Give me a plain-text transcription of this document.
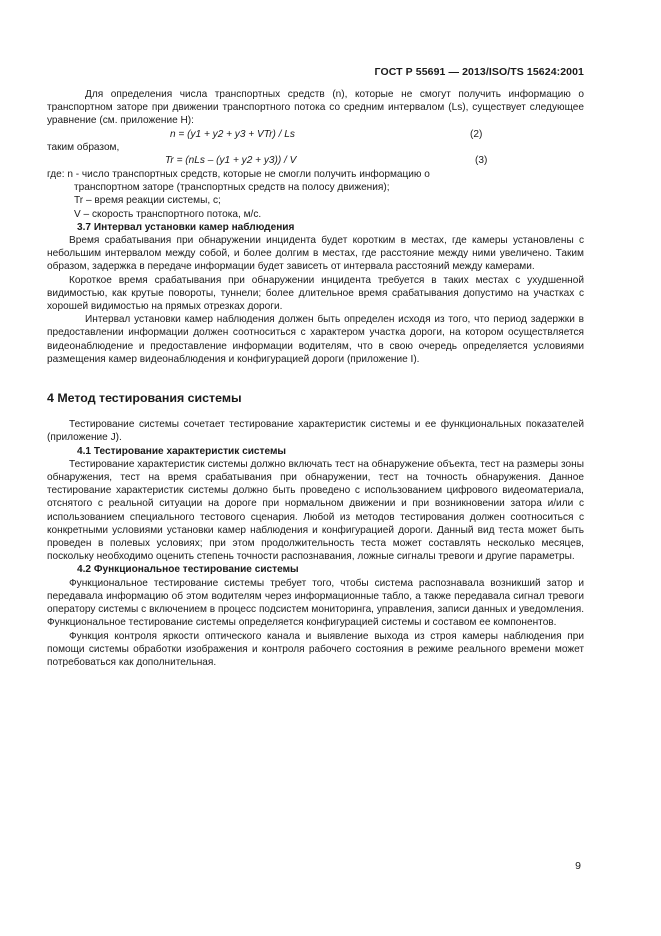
ГОСТ Р 55691 — 2013/ISO/TS 15624:2001

Для определения числа транспортных средств (n), которые не смогут получить информацию о транспортном заторе при движении транспортного потока со средним интервалом (Ls), существует следующее уравнение (см. приложение Н):

n = (y1 + y2 + y3 + VTr) / Ls	(2)

таким образом,

Tr = (nLs – (y1 + y2 + y3)) / V	(3)

где: n - число транспортных средств, которые не смогли получить информацию о

транспортном заторе (транспортных средств на полосу движения);

Tr – время реакции системы, с;

V – скорость транспортного потока, м/с.

3.7 Интервал установки камер наблюдения

Время срабатывания при обнаружении инцидента будет коротким в местах, где камеры установлены с небольшим интервалом между собой, и более долгим в местах, где расстояние между ними увеличено. Таким образом, задержка в передаче информации будет зависеть от интервала расстояний между камерами.

Короткое время срабатывания при обнаружении инцидента требуется в таких местах с ухудшенной видимостью, как крутые повороты, туннели; более длительное время срабатывания допустимо на участках с хорошей видимостью на прямых отрезках дороги.

Интервал установки камер наблюдения должен быть определен исходя из того, что период задержки в предоставлении информации должен соотноситься с характером участка дороги, на котором осуществляется видеонаблюдение и предоставление информации водителям, что в свою очередь определяется условиями размещения камер видеонаблюдения и конфигурацией дороги (приложение I).

4 Метод тестирования системы

Тестирование системы сочетает тестирование характеристик системы и ее функциональных показателей (приложение J).

4.1 Тестирование характеристик системы

Тестирование характеристик системы должно включать тест на обнаружение объекта, тест на размеры зоны обнаружения, тест на время срабатывания при обнаружении, тест на точность обнаружения. Данное тестирование характеристик системы должно быть проведено с использованием цифрового видеоматериала, отснятого с реальной ситуации на дороге при нормальном движении и при возникновении затора и/или с использованием специального тестового сценария. Любой из методов тестирования должен соотноситься с конкретными условиями установки камер наблюдения и конфигурацией дороги. Данный вид теста может быть проведен в полевых условиях; при этом продолжительность теста может составлять несколько месяцев, поскольку необходимо оценить степень точности распознавания, ложные сигналы тревоги и другие параметры.

4.2 Функциональное тестирование системы

Функциональное тестирование системы требует того, чтобы система распознавала возникший затор и передавала информацию об этом водителям через информационные табло, а также передавала сигнал тревоги оператору системы с включением в процесс подсистем мониторинга, управления, записи данных и уведомления. Функциональное тестирование системы определяется конфигурацией системы и составом ее компонентов.

Функция контроля яркости оптического канала и выявление выхода из строя камеры наблюдения при помощи системы обработки изображения и контроля рабочего состояния в режиме реального времени может потребоваться как дополнительная.

9
